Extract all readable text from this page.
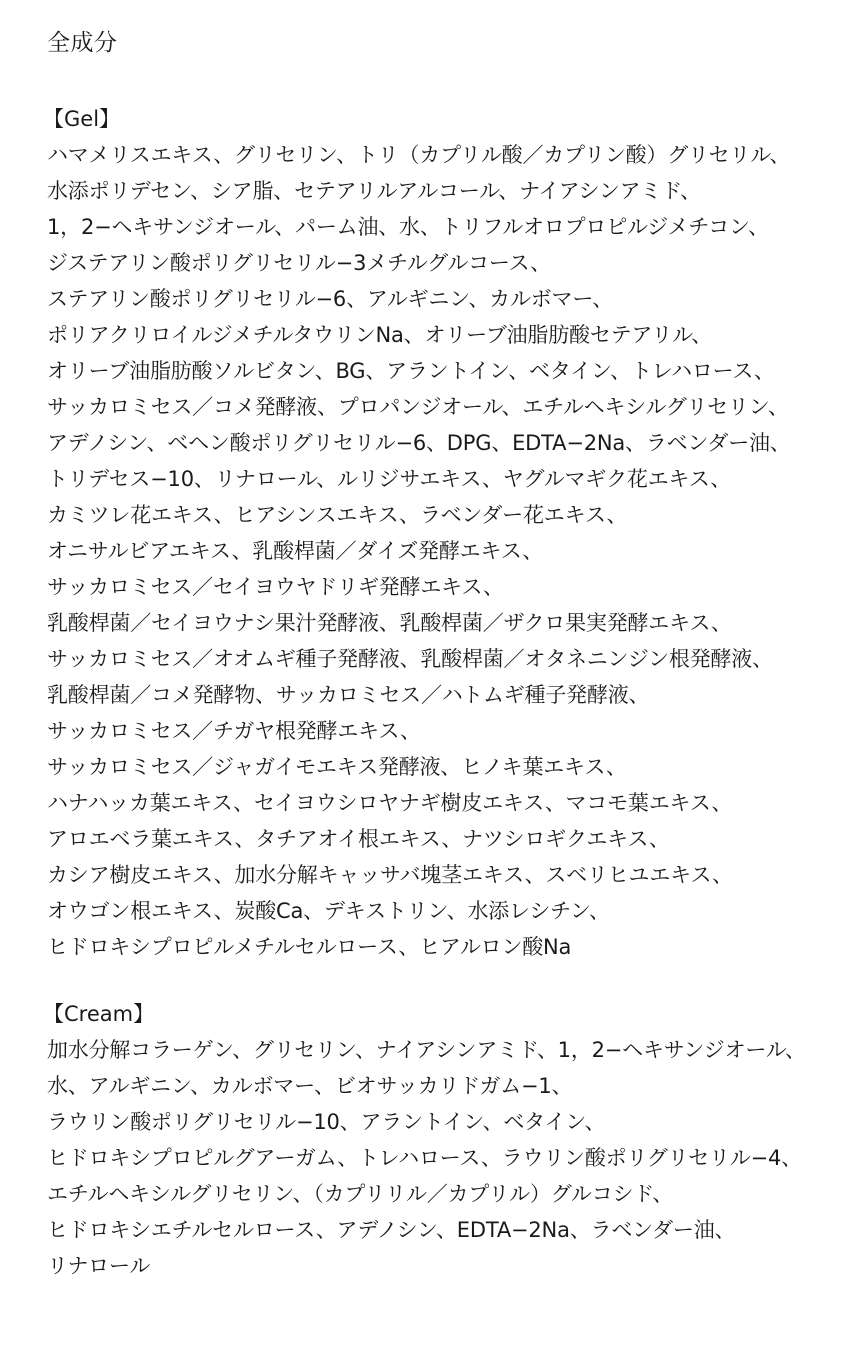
全成分
【Gel】
ハマメリスエキス、グリセリン、トリ（カプリル酸／カプリン酸）グリセリル、
水添ポリデセン、シア脂、セテアリルアルコール、ナイアシンアミド、
1，2−ヘキサンジオール、パーム油、水、トリフルオロプロピルジメチコン、
ジステアリン酸ポリグリセリル−3メチルグルコース、
ステアリン酸ポリグリセリル−6、アルギニン、カルボマー、
ポリアクリロイルジメチルタウリンNa、オリーブ油脂肪酸セテアリル、
オリーブ油脂肪酸ソルビタン、BG、アラントイン、ベタイン、トレハロース、
サッカロミセス／コメ発酵液、プロパンジオール、エチルヘキシルグリセリン、
アデノシン、ベヘン酸ポリグリセリル−6、DPG、EDTA−2Na、ラベンダー油、
トリデセス−10、リナロール、ルリジサエキス、ヤグルマギク花エキス、
カミツレ花エキス、ヒアシンスエキス、ラベンダー花エキス、
オニサルビアエキス、乳酸桿菌／ダイズ発酵エキス、
サッカロミセス／セイヨウヤドリギ発酵エキス、
乳酸桿菌／セイヨウナシ果汁発酵液、乳酸桿菌／ザクロ果実発酵エキス、
サッカロミセス／オオムギ種子発酵液、乳酸桿菌／オタネニンジン根発酵液、
乳酸桿菌／コメ発酵物、サッカロミセス／ハトムギ種子発酵液、
サッカロミセス／チガヤ根発酵エキス、
サッカロミセス／ジャガイモエキス発酵液、ヒノキ葉エキス、
ハナハッカ葉エキス、セイヨウシロヤナギ樹皮エキス、マコモ葉エキス、
アロエベラ葉エキス、タチアオイ根エキス、ナツシロギクエキス、
カシア樹皮エキス、加水分解キャッサバ塊茎エキス、スベリヒユエキス、
オウゴン根エキス、炭酸Ca、デキストリン、水添レシチン、
ヒドロキシプロピルメチルセルロース、ヒアルロン酸Na
【Cream】
加水分解コラーゲン、グリセリン、ナイアシンアミド、1，2−ヘキサンジオール、
水、アルギニン、カルボマー、ビオサッカリドガム−1、
ラウリン酸ポリグリセリル−10、アラントイン、ベタイン、
ヒドロキシプロピルグアーガム、トレハロース、ラウリン酸ポリグリセリル−4、
エチルヘキシルグリセリン、（カプリリル／カプリル）グルコシド、
ヒドロキシエチルセルロース、アデノシン、EDTA−2Na、ラベンダー油、
リナロール
